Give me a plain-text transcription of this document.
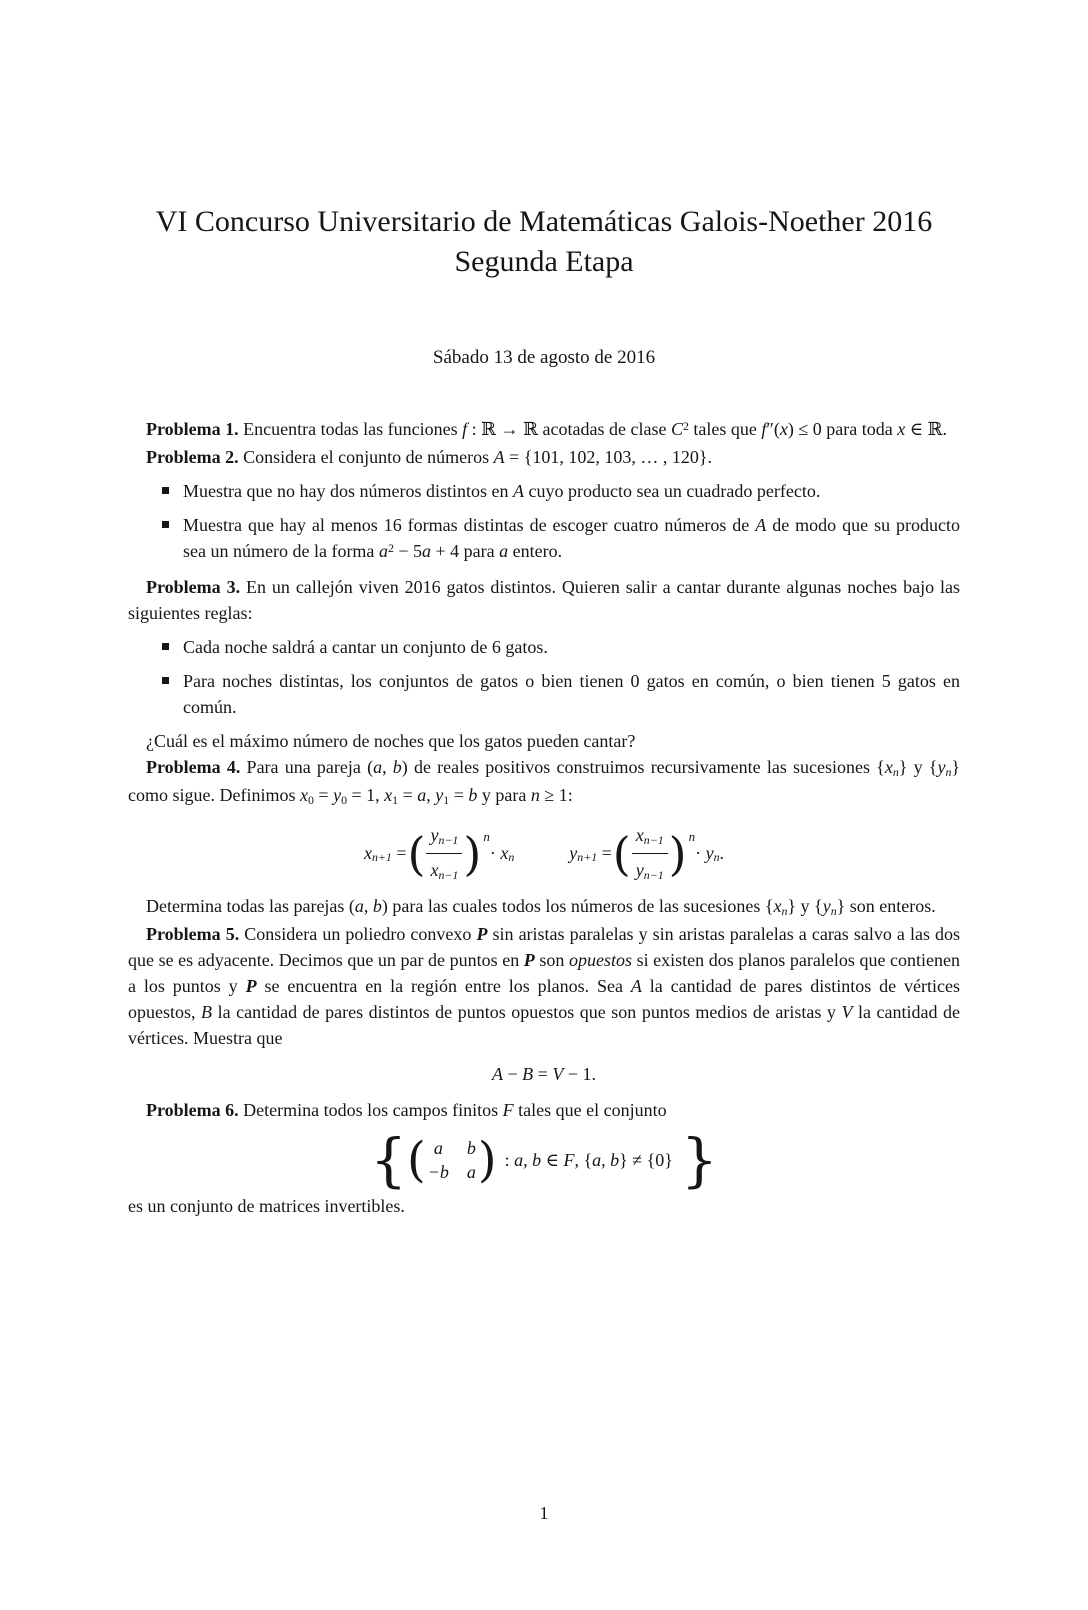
VI Concurso Universitario de Matemáticas Galois-Noether 2016
Segunda Etapa
Sábado 13 de agosto de 2016

Problema 1. Encuentra todas las funciones f : ℝ → ℝ acotadas de clase $C^2$ tales que f″(x) ≤ 0 para toda x ∈ ℝ.

Problema 2. Considera el conjunto de números A = {101, 102, 103, … , 120}.

Muestra que no hay dos números distintos en A cuyo producto sea un cuadrado perfecto.
Muestra que hay al menos 16 formas distintas de escoger cuatro números de A de modo que su producto sea un número de la forma $a^2 - 5a + 4$ para a entero.

Problema 3. En un callejón viven 2016 gatos distintos. Quieren salir a cantar durante algunas noches bajo las siguientes reglas:

Cada noche saldrá a cantar un conjunto de 6 gatos.
Para noches distintas, los conjuntos de gatos o bien tienen 0 gatos en común, o bien tienen 5 gatos en común.

¿Cuál es el máximo número de noches que los gatos pueden cantar?

Problema 4. Para una pareja (a, b) de reales positivos construimos recursivamente las sucesiones {xn} y {yn} como sigue. Definimos x0 = y0 = 1, x1 = a, y1 = b y para n ≥ 1:

xn+1 = ( $\frac{yn-1}{xn-1}$ ) n
· xn	yn+1 = ( $\frac{xn-1}{yn-1}$ ) n
· yn.

Determina todas las parejas (a, b) para las cuales todos los números de las sucesiones {xn} y {yn} son enteros.

Problema 5. Considera un poliedro convexo P sin aristas paralelas y sin aristas paralelas a caras salvo a las dos que se es adyacente. Decimos que un par de puntos en P son opuestos si existen dos planos paralelos que contienen a los puntos y P se encuentra en la región entre los planos. Sea A la cantidad de pares distintos de vértices opuestos, B la cantidad de pares distintos de puntos opuestos que son puntos medios de aristas y V la cantidad de vértices. Muestra que

A − B = V − 1.

Problema 6. Determina todos los campos finitos F tales que el conjunto

{ ( a	b
−b a ) : a, b ∈ F, {a, b} ≠ {0} }

es un conjunto de matrices invertibles.

1
